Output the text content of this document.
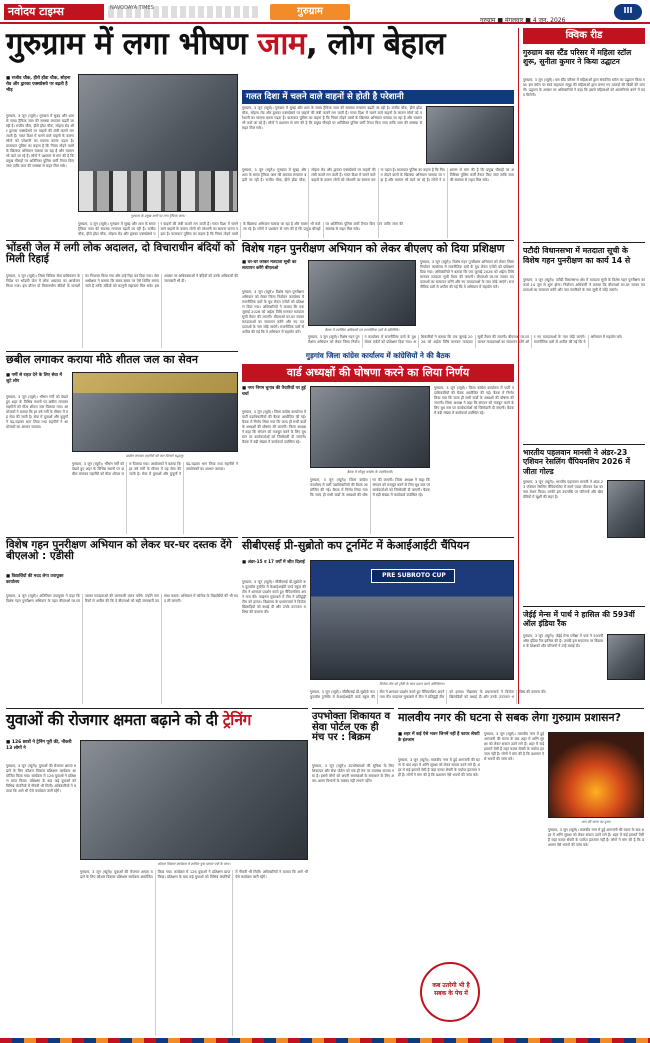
नवोदय टाइम्स	NAVODAYA TIMES	गुरुग्राम
गुरुग्राम ■ मंगलवार ■ 4 जून, 2026
III
गुरुग्राम में लगा भीषण जाम, लोग बेहाल
■ राजीव चौक, हीरो होंडा चौक, सोहना रोड और द्वारका एक्सप्रेसवे पर बढ़ती है भीड़
गुरुग्राम, 3 जून (ब्यूरो)। गुरुग्राम में सुबह और शाम के समय ट्रैफिक जाम की समस्या लगातार बढ़ती जा रही है। राजीव चौक, हीरो होंडा चौक, सोहना रोड और द्वारका एक्सप्रेसवे पर वाहनों की लंबी कतारें लग जाती हैं। गलत दिशा में चलने वाले वाहनों के कारण लोगों को परेशानी का सामना करना पड़ता है। यातायात पुलिस का कहना है कि नियम तोड़ने वालों के खिलाफ अभियान चलाया जा रहा है और चालान भी काटे जा रहे हैं। लोगों ने प्रशासन से मांग की है कि प्रमुख चौराहों पर अतिरिक्त पुलिस कर्मी तैनात किए जाएं ताकि जाम की समस्या से राहत मिल सके।
गुरुग्राम के प्रमुख मार्गों पर लगा ट्रैफिक जाम।
गुरुग्राम, 3 जून (ब्यूरो)। गुरुग्राम में सुबह और शाम के समय ट्रैफिक जाम की समस्या लगातार बढ़ती जा रही है। राजीव चौक, हीरो होंडा चौक, सोहना रोड और द्वारका एक्सप्रेसवे पर वाहनों की लंबी कतारें लग जाती हैं। गलत दिशा में चलने वाले वाहनों के कारण लोगों को परेशानी का सामना करना पड़ता है। यातायात पुलिस का कहना है कि नियम तोड़ने वालों के खिलाफ अभियान चलाया जा रहा है और चालान भी काटे जा रहे हैं। लोगों ने प्रशासन से मांग की है कि प्रमुख चौराहों पर अतिरिक्त पुलिस कर्मी तैनात किए जाएं ताकि जाम की समस्या से राहत मिल सके।
गलत दिशा में चलने वाले वाहनों से होती है परेशानी
गुरुग्राम, 3 जून (ब्यूरो)। गुरुग्राम में सुबह और शाम के समय ट्रैफिक जाम की समस्या लगातार बढ़ती जा रही है। राजीव चौक, हीरो होंडा चौक, सोहना रोड और द्वारका एक्सप्रेसवे पर वाहनों की लंबी कतारें लग जाती हैं। गलत दिशा में चलने वाले वाहनों के कारण लोगों को परेशानी का सामना करना पड़ता है। यातायात पुलिस का कहना है कि नियम तोड़ने वालों के खिलाफ अभियान चलाया जा रहा है और चालान भी काटे जा रहे हैं। लोगों ने प्रशासन से मांग की है कि प्रमुख चौराहों पर अतिरिक्त पुलिस कर्मी तैनात किए जाएं ताकि जाम की समस्या से राहत मिल सके।
गुरुग्राम, 3 जून (ब्यूरो)। गुरुग्राम में सुबह और शाम के समय ट्रैफिक जाम की समस्या लगातार बढ़ती जा रही है। राजीव चौक, हीरो होंडा चौक, सोहना रोड और द्वारका एक्सप्रेसवे पर वाहनों की लंबी कतारें लग जाती हैं। गलत दिशा में चलने वाले वाहनों के कारण लोगों को परेशानी का सामना करना पड़ता है। यातायात पुलिस का कहना है कि नियम तोड़ने वालों के खिलाफ अभियान चलाया जा रहा है और चालान भी काटे जा रहे हैं। लोगों ने प्रशासन से मांग की है कि प्रमुख चौराहों पर अतिरिक्त पुलिस कर्मी तैनात किए जाएं ताकि जाम की समस्या से राहत मिल सके।
भोंडसी जेल में लगी लोक अदालत, दो विचाराधीन बंदियों को मिली रिहाई
गुरुग्राम, 3 जून (ब्यूरो)। जिला विधिक सेवा प्राधिकरण के निर्देश पर भोंडसी जेल में लोक अदालत का आयोजन किया गया। इस दौरान दो विचाराधीन बंदियों के मामलों का निपटारा किया गया और उन्हें रिहा कर दिया गया। जेल अधीक्षक ने बताया कि समय-समय पर ऐसे शिविर लगाए जाते हैं ताकि बंदियों को कानूनी सहायता मिल सके। इस अवसर पर अधिवक्ताओं ने बंदियों को उनके अधिकारों की जानकारी भी दी।
विशेष गहन पुनरीक्षण अभियान को लेकर बीएलए को दिया प्रशिक्षण
■ घर-घर जाकर मतदाता सूची का सत्यापन करेंगे बीएलओ
गुरुग्राम, 3 जून (ब्यूरो)। विशेष गहन पुनरीक्षण अभियान को लेकर जिला निर्वाचन कार्यालय में राजनीतिक दलों के बूथ लेवल एजेंटों को प्रशिक्षण दिया गया। अधिकारियों ने बताया कि एक जुलाई 2026 को अर्हता तिथि मानकर मतदाता सूची तैयार की जाएगी। बीएलओ घर-घर जाकर मतदाताओं का सत्यापन करेंगे और नए मतदाताओं के नाम जोड़े जाएंगे। राजनीतिक दलों से अपील की गई कि वे अभियान में सहयोग करें।	बैठक में उपस्थित अधिकारी एवं राजनीतिक दलों के प्रतिनिधि।
गुरुग्राम, 3 जून (ब्यूरो)। विशेष गहन पुनरीक्षण अभियान को लेकर जिला निर्वाचन कार्यालय में राजनीतिक दलों के बूथ लेवल एजेंटों को प्रशिक्षण दिया गया। अधिकारियों ने बताया कि एक जुलाई 2026 को अर्हता तिथि मानकर मतदाता सूची तैयार की जाएगी। बीएलओ घर-घर जाकर मतदाताओं का सत्यापन करेंगे और नए मतदाताओं के नाम जोड़े जाएंगे। राजनीतिक दलों से अपील की गई कि वे अभियान में सहयोग करें।
गुरुग्राम, 3 जून (ब्यूरो)। विशेष गहन पुनरीक्षण अभियान को लेकर जिला निर्वाचन कार्यालय में राजनीतिक दलों के बूथ लेवल एजेंटों को प्रशिक्षण दिया गया। अधिकारियों ने बताया कि एक जुलाई 2026 को अर्हता तिथि मानकर मतदाता सूची तैयार की जाएगी। बीएलओ घर-घर जाकर मतदाताओं का सत्यापन करेंगे और नए मतदाताओं के नाम जोड़े जाएंगे। राजनीतिक दलों से अपील की गई कि वे अभियान में सहयोग करें।
छबील लगाकर कराया मीठे शीतल जल का सेवन
■ गर्मी से राहत देने के लिए सेवा में जुटे लोग
गुरुग्राम, 3 जून (ब्यूरो)। भीषण गर्मी को देखते हुए शहर के विभिन्न स्थानों पर छबील लगाकर राहगीरों को मीठा शीतल जल पिलाया गया। आयोजकों ने बताया कि हर वर्ष गर्मी के मौसम में यह सेवा की जाती है। सेवा में युवाओं और बुजुर्गों ने बढ़-चढ़कर भाग लिया तथा राहगीरों ने आयोजकों का आभार जताया।
छबील लगाकर राहगीरों को जल पिलाते श्रद्धालु।
गुरुग्राम, 3 जून (ब्यूरो)। भीषण गर्मी को देखते हुए शहर के विभिन्न स्थानों पर छबील लगाकर राहगीरों को मीठा शीतल जल पिलाया गया। आयोजकों ने बताया कि हर वर्ष गर्मी के मौसम में यह सेवा की जाती है। सेवा में युवाओं और बुजुर्गों ने बढ़-चढ़कर भाग लिया तथा राहगीरों ने आयोजकों का आभार जताया।
गुड़गांव जिला कांग्रेस कार्यालय में कांग्रेसियों ने की बैठक
वार्ड अध्यक्षों की घोषणा करने का लिया निर्णय
■ नगर निगम चुनाव की तैयारियों पर हुई चर्चा
गुरुग्राम, 3 जून (ब्यूरो)। जिला कांग्रेस कार्यालय में पार्टी पदाधिकारियों की बैठक आयोजित की गई। बैठक में निर्णय लिया गया कि जल्द ही सभी वार्डों के अध्यक्षों की घोषणा की जाएगी। जिला अध्यक्ष ने कहा कि संगठन को मजबूत करने के लिए बूथ स्तर पर कार्यकर्ताओं को जिम्मेदारी दी जाएगी। बैठक में बड़ी संख्या में कार्यकर्ता उपस्थित रहे।
बैठक में मौजूद कांग्रेस के पदाधिकारी।
गुरुग्राम, 3 जून (ब्यूरो)। जिला कांग्रेस कार्यालय में पार्टी पदाधिकारियों की बैठक आयोजित की गई। बैठक में निर्णय लिया गया कि जल्द ही सभी वार्डों के अध्यक्षों की घोषणा की जाएगी। जिला अध्यक्ष ने कहा कि संगठन को मजबूत करने के लिए बूथ स्तर पर कार्यकर्ताओं को जिम्मेदारी दी जाएगी। बैठक में बड़ी संख्या में कार्यकर्ता उपस्थित रहे।
गुरुग्राम, 3 जून (ब्यूरो)। जिला कांग्रेस कार्यालय में पार्टी पदाधिकारियों की बैठक आयोजित की गई। बैठक में निर्णय लिया गया कि जल्द ही सभी वार्डों के अध्यक्षों की घोषणा की जाएगी। जिला अध्यक्ष ने कहा कि संगठन को मजबूत करने के लिए बूथ स्तर पर कार्यकर्ताओं को जिम्मेदारी दी जाएगी। बैठक में बड़ी संख्या में कार्यकर्ता उपस्थित रहे।
विशेष गहन पुनरीक्षण अभियान को लेकर घर-घर दस्तक देंगे बीएलओ : एडीसी
■ विद्यार्थियों की मदद लेगा उपायुक्त कार्यालय
गुरुग्राम, 3 जून (ब्यूरो)। अतिरिक्त उपायुक्त ने कहा कि विशेष गहन पुनरीक्षण अभियान के तहत बीएलओ घर-घर जाकर मतदाताओं की जानकारी एकत्र करेंगे। उन्होंने नागरिकों से अपील की कि वे बीएलओ को सही जानकारी उपलब्ध कराएं। अभियान में कॉलेज के विद्यार्थियों की भी मदद ली जाएगी।
सीबीएसई प्री-सुब्रोतो कप टूर्नामेंट में केआईआईटी चैंपियन
■ अंडर-15 व 17 वर्गों में जीत दिलाई
गुरुग्राम, 3 जून (ब्यूरो)। सीबीएसई प्री-सुब्रोतो कप फुटबॉल टूर्नामेंट में केआईआईटी वर्ल्ड स्कूल की टीम ने शानदार प्रदर्शन करते हुए चैंपियनशिप अपने नाम की। फाइनल मुकाबले में टीम ने प्रतिद्वंद्वी टीम को हराया। विद्यालय के प्रधानाचार्य ने विजेता खिलाड़ियों को बधाई दी और उनके उज्ज्वल भविष्य की कामना की।
PRE SUBROTO CUP
विजेता टीम को ट्रॉफी के साथ प्रदान करते अतिथिगण।
गुरुग्राम, 3 जून (ब्यूरो)। सीबीएसई प्री-सुब्रोतो कप फुटबॉल टूर्नामेंट में केआईआईटी वर्ल्ड स्कूल की टीम ने शानदार प्रदर्शन करते हुए चैंपियनशिप अपने नाम की। फाइनल मुकाबले में टीम ने प्रतिद्वंद्वी टीम को हराया। विद्यालय के प्रधानाचार्य ने विजेता खिलाड़ियों को बधाई दी और उनके उज्ज्वल भविष्य की कामना की।
युवाओं की रोजगार क्षमता बढ़ाने को दी ट्रेनिंग
■ 126 छात्रों ने ट्रेनिंग पूरी की, नौकरी 13 लोगों ने
गुरुग्राम, 3 जून (ब्यूरो)। युवाओं की रोजगार क्षमता बढ़ाने के लिए कौशल विकास प्रशिक्षण कार्यक्रम आयोजित किया गया। कार्यक्रम में 126 युवाओं ने प्रशिक्षण प्राप्त किया। प्रशिक्षण के बाद कई युवाओं को विभिन्न कंपनियों में नौकरी भी मिली। अधिकारियों ने बताया कि आगे भी ऐसे कार्यक्रम जारी रहेंगे।
कौशल विकास कार्यक्रम में शामिल युवा प्रमाण पत्रों के साथ।
गुरुग्राम, 3 जून (ब्यूरो)। युवाओं की रोजगार क्षमता बढ़ाने के लिए कौशल विकास प्रशिक्षण कार्यक्रम आयोजित किया गया। कार्यक्रम में 126 युवाओं ने प्रशिक्षण प्राप्त किया। प्रशिक्षण के बाद कई युवाओं को विभिन्न कंपनियों में नौकरी भी मिली। अधिकारियों ने बताया कि आगे भी ऐसे कार्यक्रम जारी रहेंगे।
उपभोक्ता शिकायत व सेवा पोर्टल एक ही मंच पर : बिक्रम
गुरुग्राम, 3 जून (ब्यूरो)। उपभोक्ताओं की सुविधा के लिए शिकायत और सेवा पोर्टल को एक ही मंच पर उपलब्ध कराया गया है। इससे लोगों को अपनी समस्याओं के समाधान के लिए अलग-अलग विभागों के चक्कर नहीं लगाने पड़ेंगे।
मालवीय नगर की घटना से सबक लेगा गुरुग्राम प्रशासन?
■ शहर में कई ऐसे भवन जिनमें नहीं हैं फायर सेफ्टी के इंतजाम
गुरुग्राम, 3 जून (ब्यूरो)। मालवीय नगर में हुई आगजनी की घटना के बाद शहर में अग्नि सुरक्षा को लेकर सवाल उठने लगे हैं। शहर में कई इमारतें ऐसी हैं जहां फायर सेफ्टी के पर्याप्त इंतजाम नहीं हैं। लोगों ने मांग की है कि प्रशासन ऐसे भवनों की जांच करे।
कब उतरेगी भी है सबक के पेच में
गुरुग्राम, 3 जून (ब्यूरो)। मालवीय नगर में हुई आगजनी की घटना के बाद शहर में अग्नि सुरक्षा को लेकर सवाल उठने लगे हैं। शहर में कई इमारतें ऐसी हैं जहां फायर सेफ्टी के पर्याप्त इंतजाम नहीं हैं। लोगों ने मांग की है कि प्रशासन ऐसे भवनों की जांच करे।
आग की घटना का दृश्य।
गुरुग्राम, 3 जून (ब्यूरो)। मालवीय नगर में हुई आगजनी की घटना के बाद शहर में अग्नि सुरक्षा को लेकर सवाल उठने लगे हैं। शहर में कई इमारतें ऐसी हैं जहां फायर सेफ्टी के पर्याप्त इंतजाम नहीं हैं। लोगों ने मांग की है कि प्रशासन ऐसे भवनों की जांच करे।
क्विक रीड
गुरुग्राम बस स्टैंड परिसर में महिला स्टॉल शुरू, सुनीता कुमार ने किया उद्घाटन
गुरुग्राम, 3 जून (ब्यूरो)। बस स्टैंड परिसर में महिलाओं द्वारा संचालित स्टॉल का उद्घाटन किया गया। इस स्टॉल पर स्वयं सहायता समूह की महिलाओं द्वारा बनाए गए उत्पादों की बिक्री की जाएगी। उद्घाटन के अवसर पर अधिकारियों ने कहा कि इससे महिलाओं को आत्मनिर्भर बनने में मदद मिलेगी।
पटौदी विधानसभा में मतदाता सूची के विशेष गहन पुनरीक्षण का कार्य 14 से
गुरुग्राम, 3 जून (ब्यूरो)। पटौदी विधानसभा क्षेत्र में मतदाता सूची के विशेष गहन पुनरीक्षण का कार्य 14 जून से शुरू होगा। निर्वाचन अधिकारी ने बताया कि बीएलओ घर-घर जाकर मतदाताओं का सत्यापन करेंगे और पात्र नागरिकों के नाम सूची में जोड़े जाएंगे।
भारतीय पहलवान मानसी ने अंडर-23 एशियन रेसलिंग चैंपियनशिप 2026 में जीता गोल्ड
गुरुग्राम, 3 जून (ब्यूरो)। भारतीय पहलवान मानसी ने अंडर-23 एशियन रेसलिंग चैंपियनशिप में स्वर्ण पदक जीतकर देश का नाम रोशन किया। उनकी इस उपलब्धि पर परिजनों और खेल प्रेमियों में खुशी की लहर है।
जेईई मेन्स में पार्थ ने हासिल की 593वीं ऑल इंडिया रैंक
गुरुग्राम, 3 जून (ब्यूरो)। जेईई मेन्स परीक्षा में पार्थ ने 593वीं ऑल इंडिया रैंक हासिल की है। उनकी इस सफलता पर विद्यालय के शिक्षकों और परिजनों ने उन्हें बधाई दी।
